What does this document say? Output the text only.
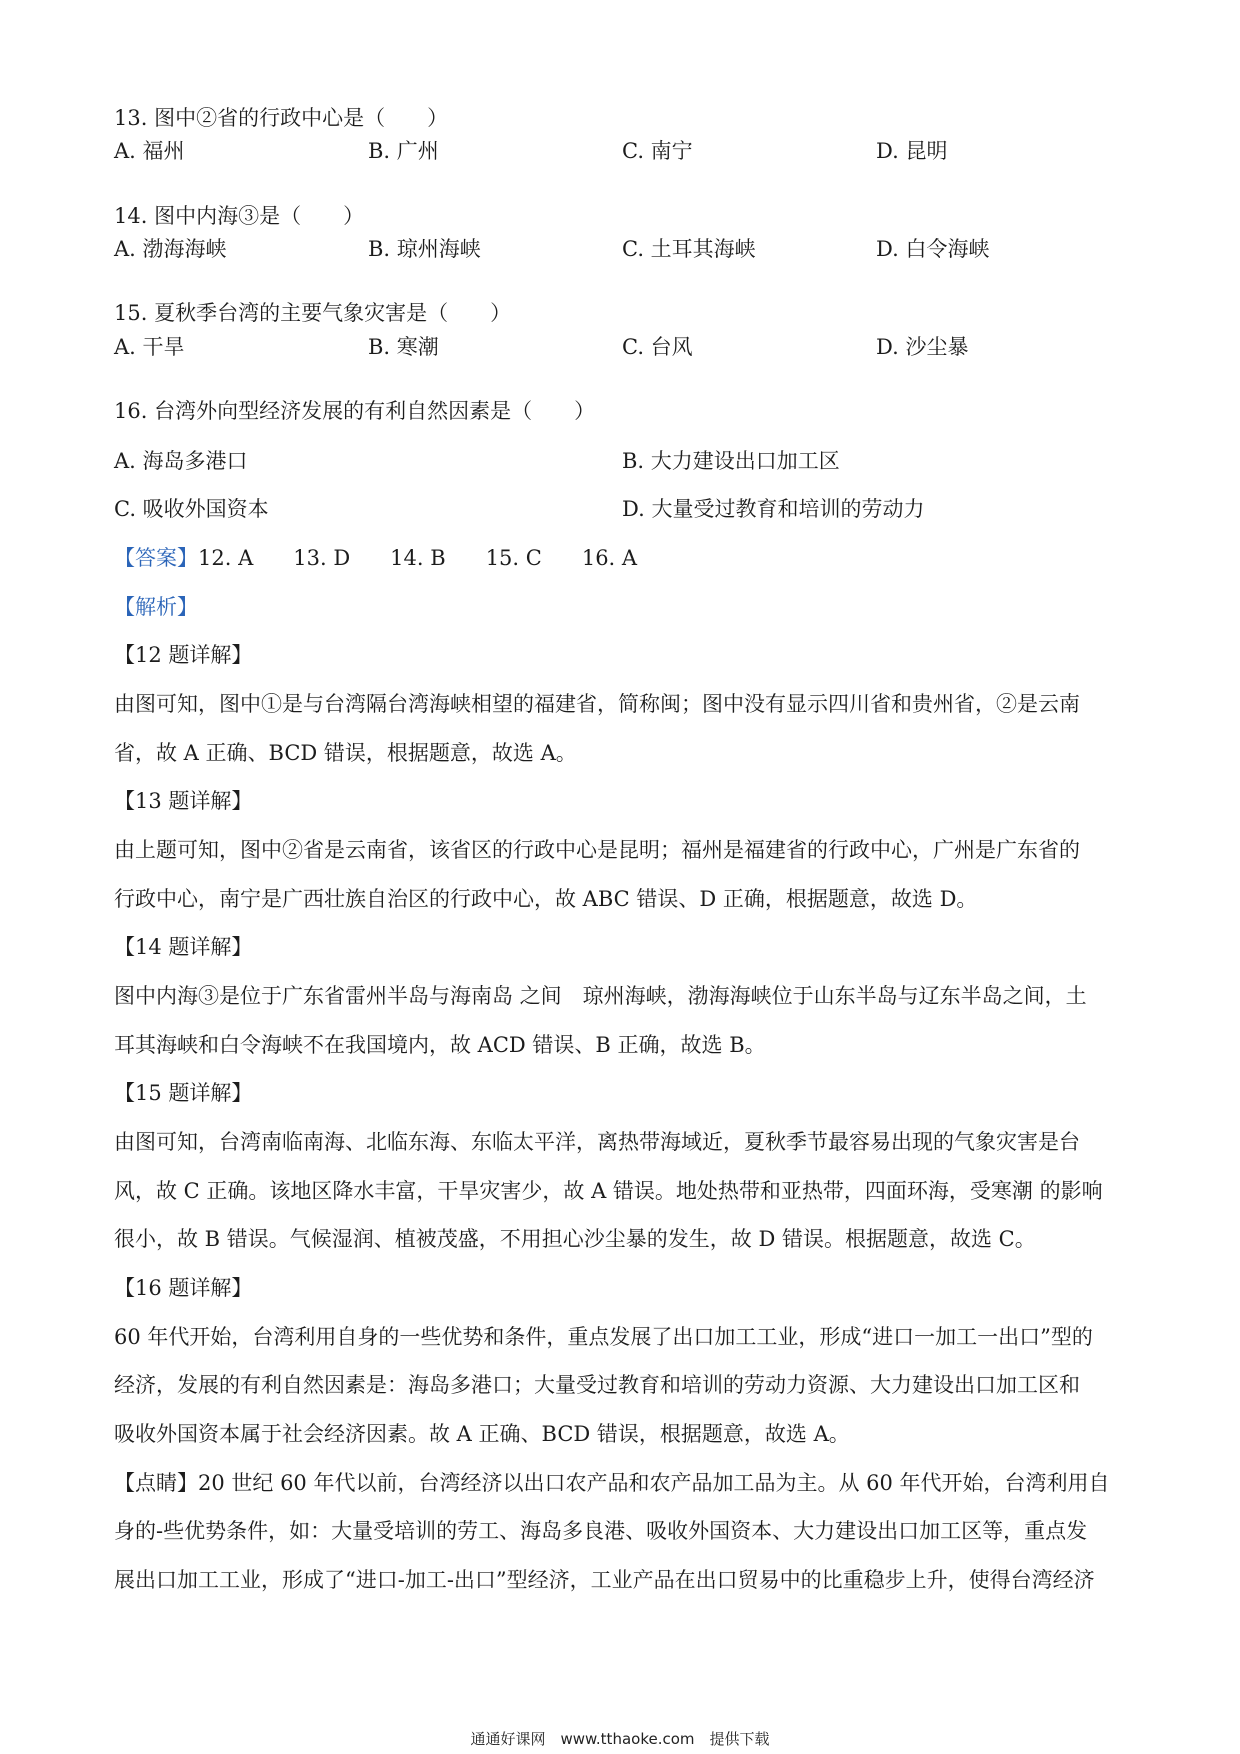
13. 图中②省的行政中心是（　　）
A. 福州	B. 广州	C. 南宁	D. 昆明
14. 图中内海③是（　　）
A. 渤海海峡	B. 琼州海峡	C. 土耳其海峡	D. 白令海峡
15. 夏秋季台湾的主要气象灾害是（　　）
A. 干旱	B. 寒潮	C. 台风	D. 沙尘暴
16. 台湾外向型经济发展的有利自然因素是（　　）
A. 海岛多港口	B. 大力建设出口加工区
C. 吸收外国资本	D. 大量受过教育和培训的劳动力
【答案】12. A 13. D 14. B 15. C 16. A
【解析】
【12 题详解】
由图可知，图中①是与台湾隔台湾海峡相望的福建省，简称闽；图中没有显示四川省和贵州省，②是云南
省，故 A 正确、BCD 错误，根据题意，故选 A。
【13 题详解】
由上题可知，图中②省是云南省，该省区的行政中心是昆明；福州是福建省的行政中心，广州是广东省的
行政中心，南宁是广西壮族自治区的行政中心，故 ABC 错误、D 正确，根据题意，故选 D。
【14 题详解】
图中内海③是位于广东省雷州半岛与海南岛 之间　琼州海峡，渤海海峡位于山东半岛与辽东半岛之间，土
耳其海峡和白令海峡不在我国境内，故 ACD 错误、B 正确，故选 B。
【15 题详解】
由图可知，台湾南临南海、北临东海、东临太平洋，离热带海域近，夏秋季节最容易出现的气象灾害是台
风，故 C 正确。该地区降水丰富，干旱灾害少，故 A 错误。地处热带和亚热带，四面环海，受寒潮 的影响
很小，故 B 错误。气候湿润、植被茂盛，不用担心沙尘暴的发生，故 D 错误。根据题意，故选 C。
【16 题详解】
60 年代开始，台湾利用自身的一些优势和条件，重点发展了出口加工工业，形成“进口一加工一出口”型的
经济，发展的有利自然因素是：海岛多港口；大量受过教育和培训的劳动力资源、大力建设出口加工区和
吸收外国资本属于社会经济因素。故 A 正确、BCD 错误，根据题意，故选 A。
【点睛】20 世纪 60 年代以前，台湾经济以出口农产品和农产品加工品为主。从 60 年代开始，台湾利用自
身的-些优势条件，如：大量受培训的劳工、海岛多良港、吸收外国资本、大力建设出口加工区等，重点发
展出口加工工业，形成了“进口-加工-出口”型经济，工业产品在出口贸易中的比重稳步上升，使得台湾经济
通通好课网　www.tthaoke.com　提供下载
